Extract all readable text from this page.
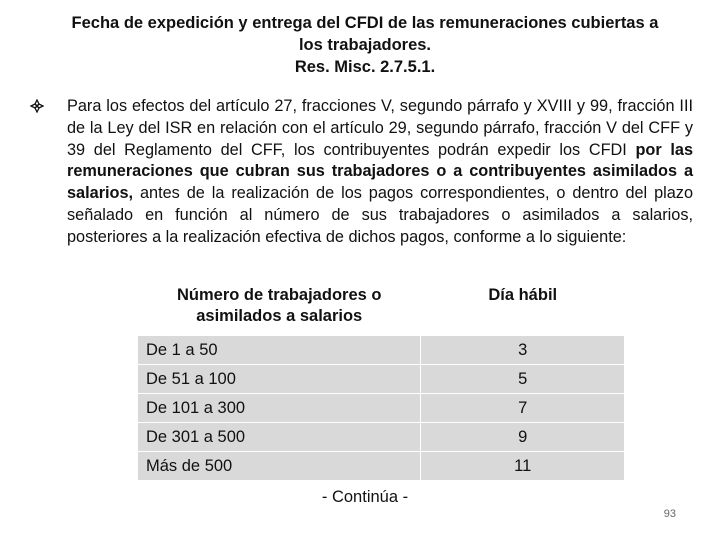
Fecha de expedición y entrega del CFDI de las remuneraciones cubiertas a
los trabajadores.
Res. Misc. 2.7.5.1.
Para los efectos del artículo 27, fracciones V, segundo párrafo y XVIII y 99, fracción III de la Ley del ISR en relación con el artículo 29, segundo párrafo, fracción V del CFF y 39 del Reglamento del CFF, los contribuyentes podrán expedir los CFDI por las remuneraciones que cubran sus trabajadores o a contribuyentes asimilados a salarios, antes de la realización de los pagos correspondientes, o dentro del plazo señalado en función al número de sus trabajadores o asimilados a salarios, posteriores a la realización efectiva de dichos pagos, conforme a lo siguiente:
Número de trabajadores o
asimilados a salarios	Día hábil
De 1 a 50	3
De 51 a 100	5
De 101 a 300	7
De 301 a 500	9
Más de 500	11
- Continúa -
93
